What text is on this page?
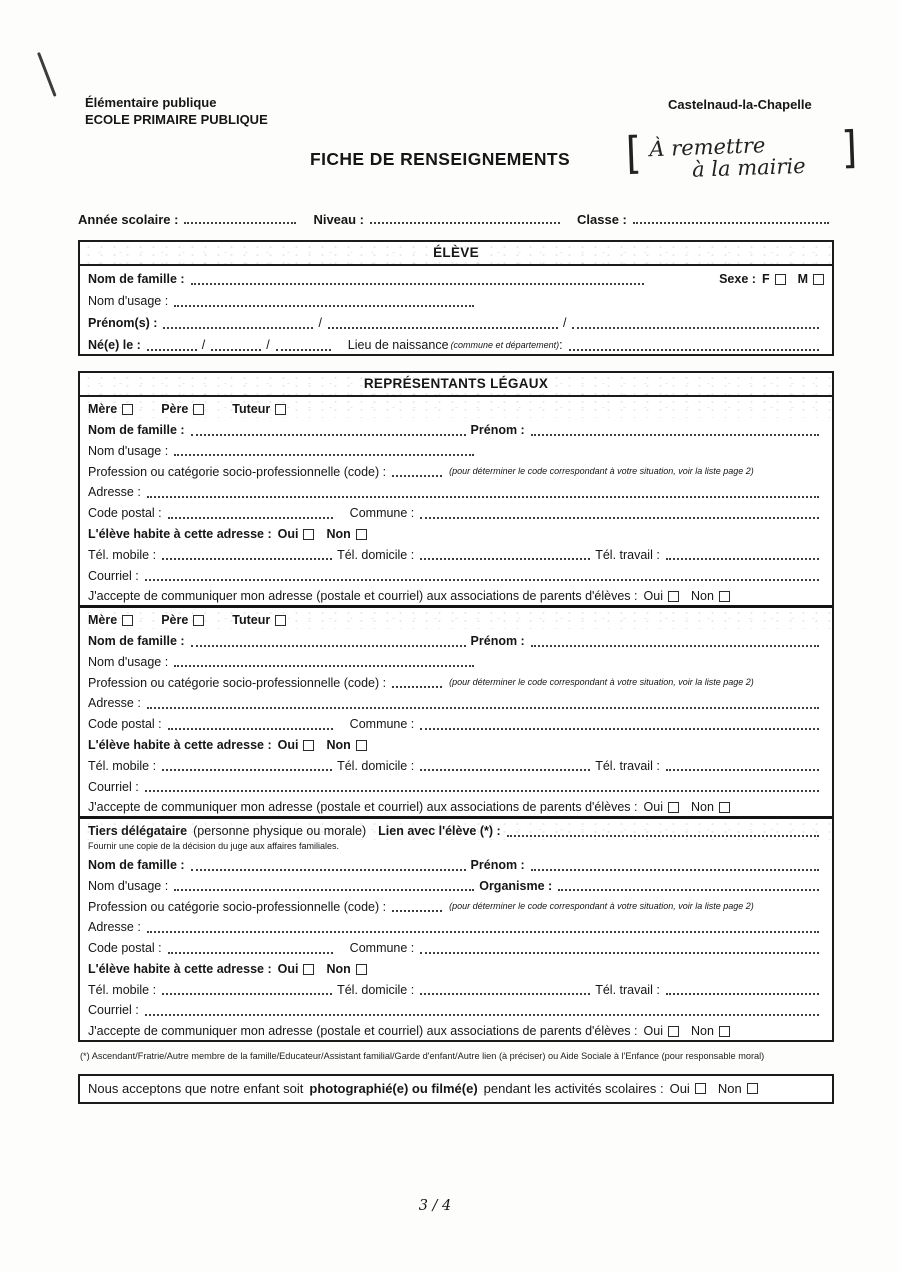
Élémentaire publique
ECOLE PRIMAIRE PUBLIQUE
Castelnaud-la-Chapelle
FICHE DE RENSEIGNEMENTS [ À remettre
à la mairie ]
Année scolaire :	Niveau :	Classe :
ÉLÈVE
Nom de famille :	Sexe : F M
Nom d'usage :
Prénom(s) :	/	/
Né(e) le :	/	/	Lieu de naissance (commune et département) :
REPRÉSENTANTS LÉGAUX
Mère	Père	Tuteur
Nom de famille :	Prénom :
Nom d'usage :
Profession ou catégorie socio-professionnelle (code) :	(pour déterminer le code correspondant à votre situation, voir la liste page 2)
Adresse :
Code postal :	Commune :
L'élève habite à cette adresse : Oui Non
Tél. mobile :	Tél. domicile :	Tél. travail :
Courriel :
J'accepte de communiquer mon adresse (postale et courriel) aux associations de parents d'élèves : Oui Non
Mère	Père	Tuteur
Nom de famille :	Prénom :
Nom d'usage :
Profession ou catégorie socio-professionnelle (code) :	(pour déterminer le code correspondant à votre situation, voir la liste page 2)
Adresse :
Code postal :	Commune :
L'élève habite à cette adresse : Oui Non
Tél. mobile :	Tél. domicile :	Tél. travail :
Courriel :
J'accepte de communiquer mon adresse (postale et courriel) aux associations de parents d'élèves : Oui Non
Tiers délégataire (personne physique ou morale) Lien avec l'élève (*) :
Fournir une copie de la décision du juge aux affaires familiales.
Nom de famille :	Prénom :
Nom d'usage :	Organisme :
Profession ou catégorie socio-professionnelle (code) :	(pour déterminer le code correspondant à votre situation, voir la liste page 2)
Adresse :
Code postal :	Commune :
L'élève habite à cette adresse : Oui Non
Tél. mobile :	Tél. domicile :	Tél. travail :
Courriel :
J'accepte de communiquer mon adresse (postale et courriel) aux associations de parents d'élèves : Oui Non
(*) Ascendant/Fratrie/Autre membre de la famille/Educateur/Assistant familial/Garde d'enfant/Autre lien (à préciser) ou Aide Sociale à l'Enfance (pour responsable moral)
Nous acceptons que notre enfant soit photographié(e) ou filmé(e) pendant les activités scolaires : Oui Non
3 / 4
